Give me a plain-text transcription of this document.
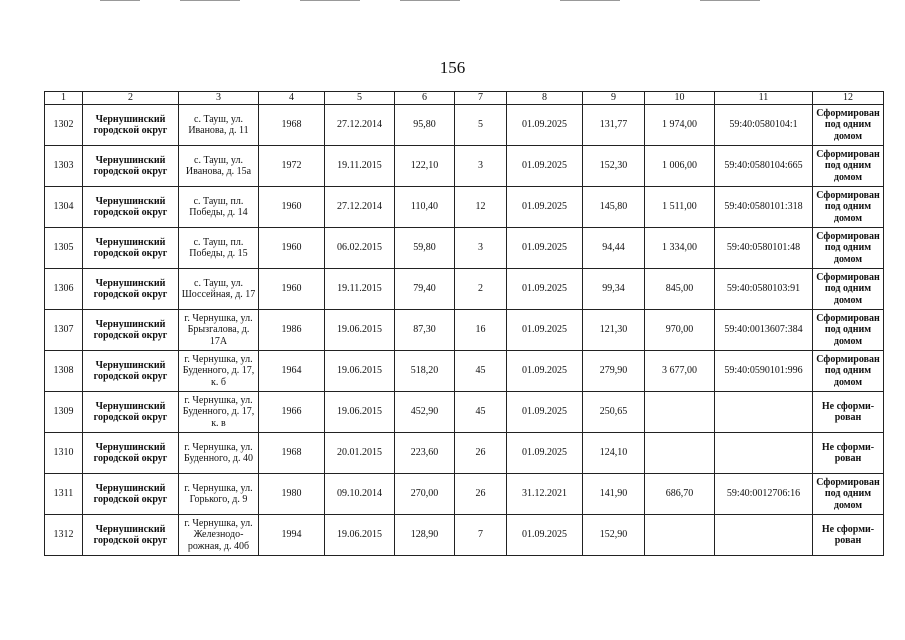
156
1	2	3	4	5	6	7	8	9	10	11	12
1302	Чернушинский городской округ	с. Тауш, ул. Иванова, д. 11	1968	27.12.2014	95,80	5	01.09.2025	131,77	1 974,00	59:40:0580104:1	Сформирован под одним домом
1303	Чернушинский городской округ	с. Тауш, ул. Иванова, д. 15а	1972	19.11.2015	122,10	3	01.09.2025	152,30	1 006,00	59:40:0580104:665	Сформирован под одним домом
1304	Чернушинский городской округ	с. Тауш, пл. Победы, д. 14	1960	27.12.2014	110,40	12	01.09.2025	145,80	1 511,00	59:40:0580101:318	Сформирован под одним домом
1305	Чернушинский городской округ	с. Тауш, пл. Победы, д. 15	1960	06.02.2015	59,80	3	01.09.2025	94,44	1 334,00	59:40:0580101:48	Сформирован под одним домом
1306	Чернушинский городской округ	с. Тауш, ул. Шоссейная, д. 17	1960	19.11.2015	79,40	2	01.09.2025	99,34	845,00	59:40:0580103:91	Сформирован под одним домом
1307	Чернушинский городской округ	г. Чернушка, ул. Брызгалова, д. 17А	1986	19.06.2015	87,30	16	01.09.2025	121,30	970,00	59:40:0013607:384	Сформирован под одним домом
1308	Чернушинский городской округ	г. Чернушка, ул. Буденного, д. 17, к. б	1964	19.06.2015	518,20	45	01.09.2025	279,90	3 677,00	59:40:0590101:996	Сформирован под одним домом
1309	Чернушинский городской округ	г. Чернушка, ул. Буденного, д. 17, к. в	1966	19.06.2015	452,90	45	01.09.2025	250,65			Не сформи-рован
1310	Чернушинский городской округ	г. Чернушка, ул. Буденного, д. 40	1968	20.01.2015	223,60	26	01.09.2025	124,10			Не сформи-рован
1311	Чернушинский городской округ	г. Чернушка, ул. Горького, д. 9	1980	09.10.2014	270,00	26	31.12.2021	141,90	686,70	59:40:0012706:16	Сформирован под одним домом
1312	Чернушинский городской округ	г. Чернушка, ул. Железнодо-рожная, д. 40б	1994	19.06.2015	128,90	7	01.09.2025	152,90			Не сформи-рован
